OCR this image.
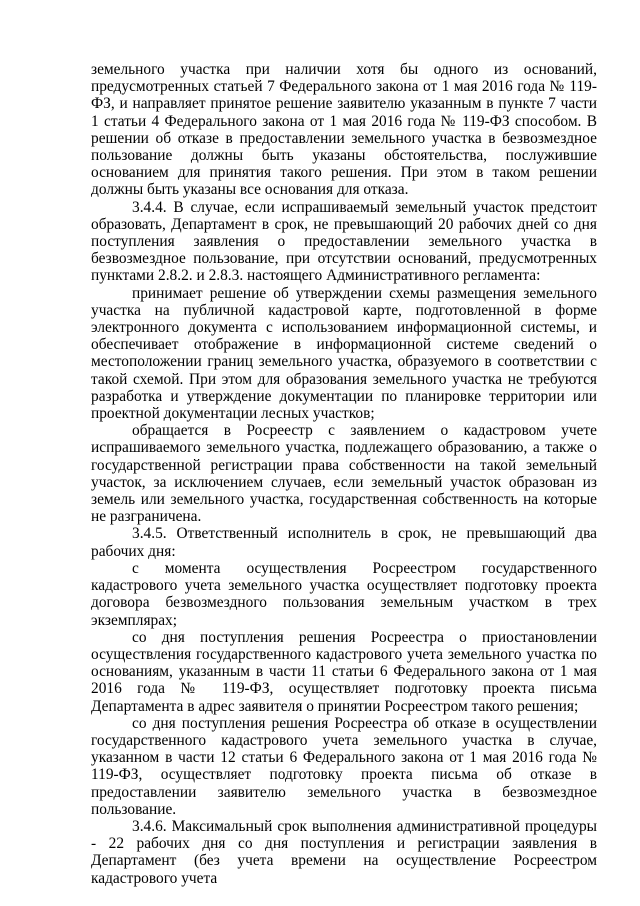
земельного участка при наличии хотя бы одного из оснований, предусмотренных статьей 7 Федерального закона от 1 мая 2016 года № 119-ФЗ, и направляет принятое решение заявителю указанным в пункте 7 части 1 статьи 4 Федерального закона от 1 мая 2016 года № 119-ФЗ способом. В решении об отказе в предоставлении земельного участка в безвозмездное пользование должны быть указаны обстоятельства, послужившие основанием для принятия такого решения. При этом в таком решении должны быть указаны все основания для отказа.

3.4.4. В случае, если испрашиваемый земельный участок предстоит образовать, Департамент в срок, не превышающий 20 рабочих дней со дня поступления заявления о предоставлении земельного участка в безвозмездное пользование, при отсутствии оснований, предусмотренных пунктами 2.8.2. и 2.8.3. настоящего Административного регламента:

принимает решение об утверждении схемы размещения земельного участка на публичной кадастровой карте, подготовленной в форме электронного документа с использованием информационной системы, и обеспечивает отображение в информационной системе сведений о местоположении границ земельного участка, образуемого в соответствии с такой схемой. При этом для образования земельного участка не требуются разработка и утверждение документации по планировке территории или проектной документации лесных участков;

обращается в Росреестр с заявлением о кадастровом учете испрашиваемого земельного участка, подлежащего образованию, а также о государственной регистрации права собственности на такой земельный участок, за исключением случаев, если земельный участок образован из земель или земельного участка, государственная собственность на которые не разграничена.

3.4.5. Ответственный исполнитель в срок, не превышающий два рабочих дня:

с момента осуществления Росреестром государственного кадастрового учета земельного участка осуществляет подготовку проекта договора безвозмездного пользования земельным участком в трех экземплярах;

со дня поступления решения Росреестра о приостановлении осуществления государственного кадастрового учета земельного участка по основаниям, указанным в части 11 статьи 6 Федерального закона от 1 мая 2016 года № 119-ФЗ, осуществляет подготовку проекта письма Департамента в адрес заявителя о принятии Росреестром такого решения;

со дня поступления решения Росреестра об отказе в осуществлении государственного кадастрового учета земельного участка в случае, указанном в части 12 статьи 6 Федерального закона от 1 мая 2016 года № 119-ФЗ, осуществляет подготовку проекта письма об отказе в предоставлении заявителю земельного участка в безвозмездное пользование.

3.4.6. Максимальный срок выполнения административной процедуры - 22 рабочих дня со дня поступления и регистрации заявления в Департамент (без учета времени на осуществление Росреестром кадастрового учета
